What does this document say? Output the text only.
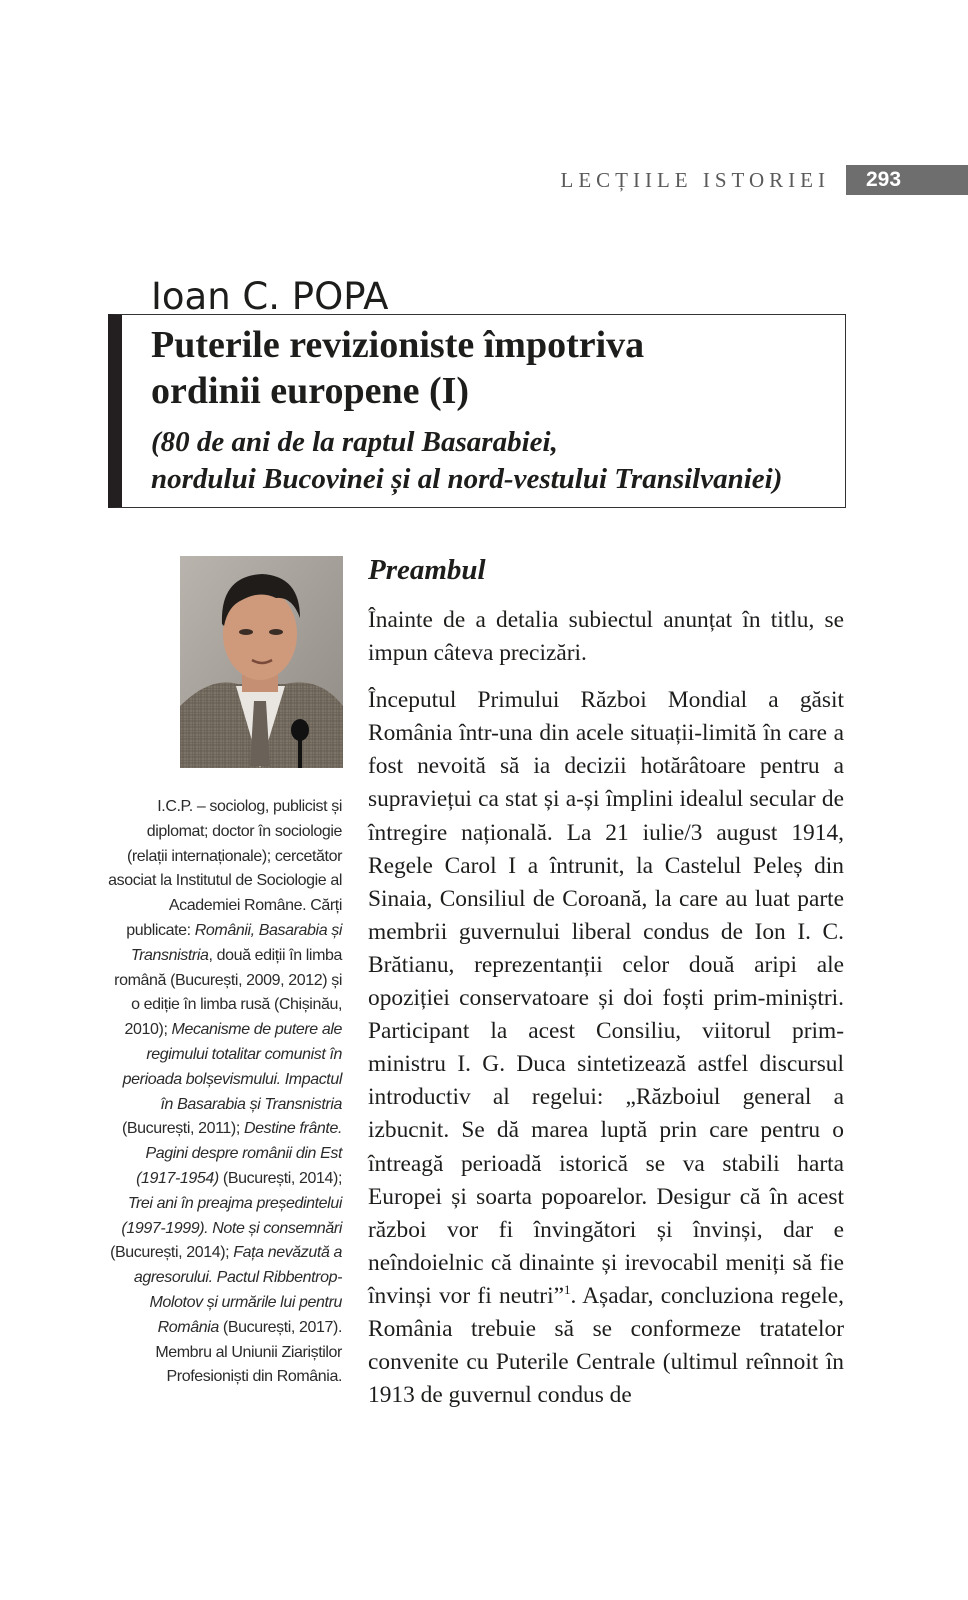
LECȚIILE ISTORIEI	293
Ioan C. POPA
Puterile revizioniste împotriva
ordinii europene (I)
(80 de ani de la raptul Basarabiei,
nordului Bucovinei și al nord-vestului Transilvaniei)
I.C.P. – sociolog, publicist și diplomat; doctor în sociologie (relații internaționale); cercetător asociat la Institutul de Sociologie al Academiei Române. Cărți publicate: Românii, Basarabia și Transnistria, două ediții în limba română (București, 2009, 2012) și o ediție în limba rusă (Chișinău, 2010); Mecanisme de putere ale regimului totalitar comunist în perioada bolșevismului. Impactul în Basarabia și Transnistria (București, 2011); Destine frânte. Pagini despre românii din Est (1917-1954) (București, 2014); Trei ani în preajma președintelui (1997-1999). Note și consemnări (București, 2014); Fața nevăzută a agresorului. Pactul Ribbentrop-Molotov și urmările lui pentru România (București, 2017). Membru al Uniunii Ziariștilor Profesioniști din România.
Preambul

Înainte de a detalia subiectul anunțat în titlu, se impun câteva precizări.

Începutul Primului Război Mondial a găsit România într-una din acele situații-limită în care a fost nevoită să ia decizii hotărâtoare pentru a supraviețui ca stat și a-și împlini idealul secular de întregire națională. La 21 iulie/3 august 1914, Regele Carol I a întrunit, la Castelul Peleș din Sinaia, Consiliul de Coroană, la care au luat parte membrii guvernului liberal condus de Ion I. C. Brătianu, reprezentanții celor două aripi ale opoziției conservatoare și doi foști prim-miniștri. Participant la acest Consiliu, viitorul prim-ministru I. G. Duca sintetizează astfel discursul introductiv al regelui: „Războiul general a izbucnit. Se dă marea luptă prin care pentru o întreagă perioadă istorică se va stabili harta Europei și soarta popoarelor. Desigur că în acest război vor fi învingători și învinși, dar e neîndoielnic că dinainte și irevocabil meniți să fie învinși vor fi neutri”$^1$. Așadar, concluziona regele, România trebuie să se conformeze tratatelor convenite cu Puterile Centrale (ultimul reînnoit în 1913 de guvernul condus de
